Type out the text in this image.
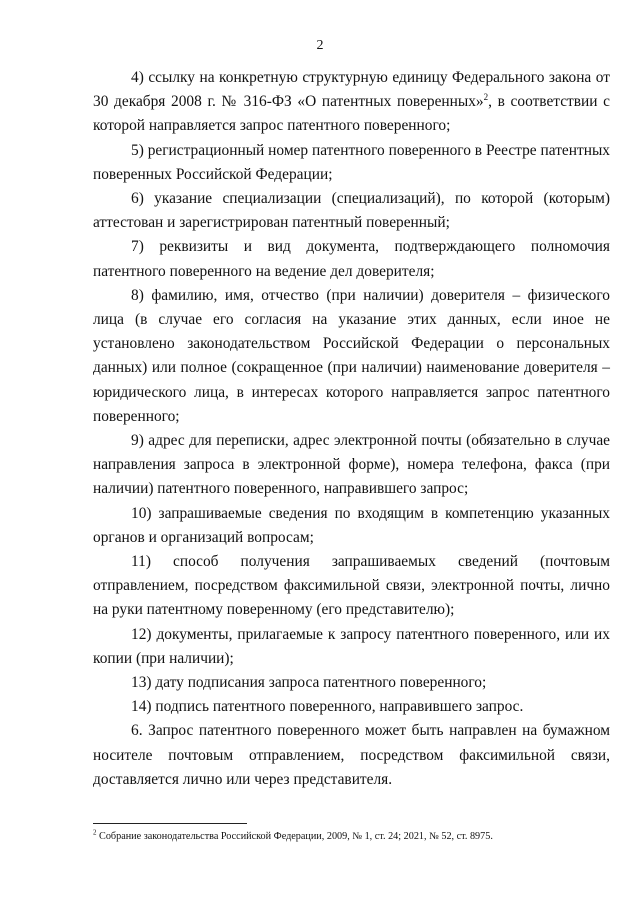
2

4) ссылку на конкретную структурную единицу Федерального закона от 30 декабря 2008 г. № 316-ФЗ «О патентных поверенных»$^2$, в соответствии с которой направляется запрос патентного поверенного;

5) регистрационный номер патентного поверенного в Реестре патентных поверенных Российской Федерации;

6) указание специализации (специализаций), по которой (которым) аттестован и зарегистрирован патентный поверенный;

7) реквизиты и вид документа, подтверждающего полномочия патентного поверенного на ведение дел доверителя;

8) фамилию, имя, отчество (при наличии) доверителя – физического лица (в случае его согласия на указание этих данных, если иное не установлено законодательством Российской Федерации о персональных данных) или полное (сокращенное (при наличии) наименование доверителя – юридического лица, в интересах которого направляется запрос патентного поверенного;

9) адрес для переписки, адрес электронной почты (обязательно в случае направления запроса в электронной форме), номера телефона, факса (при наличии) патентного поверенного, направившего запрос;

10) запрашиваемые сведения по входящим в компетенцию указанных органов и организаций вопросам;

11) способ получения запрашиваемых сведений (почтовым отправлением, посредством факсимильной связи, электронной почты, лично на руки патентному поверенному (его представителю);

12) документы, прилагаемые к запросу патентного поверенного, или их копии (при наличии);

13) дату подписания запроса патентного поверенного;

14) подпись патентного поверенного, направившего запрос.

6. Запрос патентного поверенного может быть направлен на бумажном носителе почтовым отправлением, посредством факсимильной связи, доставляется лично или через представителя.

$^2$ Собрание законодательства Российской Федерации, 2009, № 1, ст. 24; 2021, № 52, ст. 8975.
